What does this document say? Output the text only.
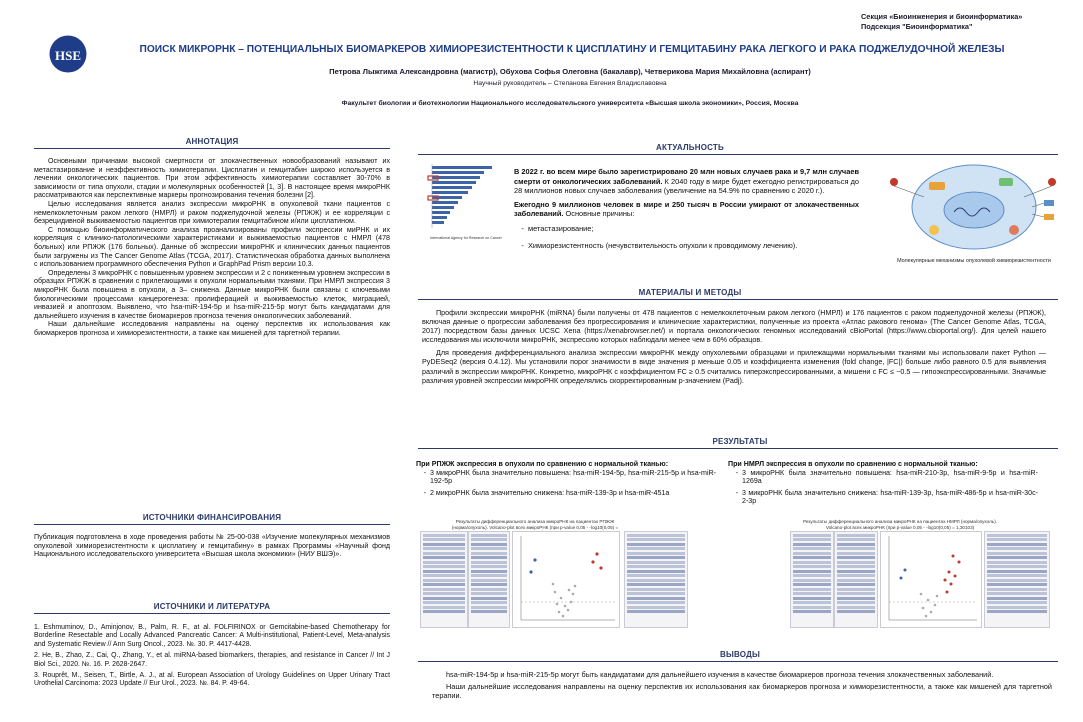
Секция «Биоинженерия и биоинформатика»
Подсекция "Биоинформатика"
HSE	ПОИСК МИКРОРНК – ПОТЕНЦИАЛЬНЫХ БИОМАРКЕРОВ ХИМИОРЕЗИСТЕНТНОСТИ К ЦИСПЛАТИНУ И ГЕМЦИТАБИНУ РАКА ЛЕГКОГО И РАКА ПОДЖЕЛУДОЧНОЙ ЖЕЛЕЗЫ
Петрова Лыжгима Александровна (магистр), Обухова Софья Олеговна (бакалавр), Четверикова Мария Михайловна (аспирант)
Научный руководитель – Степанова Евгения Владиславовна
Факультет биологии и биотехнологии Национального исследовательского университета «Высшая школа экономики», Россия, Москва
АННОТАЦИЯ

Основными причинами высокой смертности от злокачественных новообразований называют их метастазирование и неэффективность химиотерапии. Цисплатин и гемцитабин широко используется в лечении онкологических пациентов. При этом эффективность химиотерапии составляет 30-70% в зависимости от типа опухоли, стадии и молекулярных особенностей [1, 3]. В настоящее время микроРНК рассматриваются как перспективные маркеры прогнозирования течения болезни [2].

Целью исследования является анализ экспрессии микроРНК в опухолевой ткани пациентов с немелкоклеточным раком легкого (НМРЛ) и раком поджелудочной железы (РПЖЖ) и ее корреляции с безрецидивной выживаемостью пациентов при химиотерапии гемцитабином и/или цисплатином.

С помощью биоинформатического анализа проанализированы профили экспрессии миРНК и их корреляция с клинико-патологическими характеристиками и выживаемостью пациентов с НМРЛ (478 больных) или РПЖЖ (176 больных). Данные об экспрессии микроРНК и клинических данных пациентов были загружены из The Cancer Genome Atlas (TCGA, 2017). Статистическая обработка данных выполнена с использованием программного обеспечения Python и GraphPad Prism версии 10.3.

Определены 3 микроРНК с повышенным уровнем экспрессии и 2 с пониженным уровнем экспрессии в образцах РПЖЖ в сравнении с прилегающими к опухоли нормальными тканями. При НМРЛ экспрессия 3 микроРНК была повышена в опухоли, а 3– снижена. Данные микроРНК были связаны с ключевыми биологическими процессами канцерогенеза: пролиферацией и выживаемостью клеток, миграцией, инвазией и апоптозом. Выявлено, что hsa-miR-194-5p и hsa-miR-215-5p могут быть кандидатами для дальнейшего изучения в качестве биомаркеров прогноза течения онкологических заболеваний.

Наши дальнейшие исследования направлены на оценку перспектив их использования как биомаркеров прогноза и химиорезистентности, а также как мишеней для таргетной терапии.

ИСТОЧНИКИ ФИНАНСИРОВАНИЯ

Публикация подготовлена в ходе проведения работы № 25-00-038 «Изучение молекулярных механизмов опухолевой химиорезистентности к цисплатину и гемцитабину» в рамках Программы «Научный фонд Национального исследовательского университета «Высшая школа экономики» (НИУ ВШЭ)».

ИСТОЧНИКИ И ЛИТЕРАТУРА

1. Eshmuminov, D., Aminjonov, B., Palm, R. F., at al. FOLFIRINOX or Gemcitabine-based Chemotherapy for Borderline Resectable and Locally Advanced Pancreatic Cancer: A Multi-institutional, Patient-Level, Meta-analysis and Systematic Review // Ann Surg Oncol., 2023. №. 30. P. 4417-4428.

2. He, B., Zhao, Z., Cai, Q., Zhang, Y., et al. miRNA-based biomarkers, therapies, and resistance in Cancer // Int J Biol Sci., 2020. №. 16. P. 2628-2647.

3. Rouprêt, M., Seisen, T., Birtle, A. J., at al. European Association of Urology Guidelines on Upper Urinary Tract Urothelial Carcinoma: 2023 Update // Eur Urol., 2023. №. 84. P. 49-64.

АКТУАЛЬНОСТЬ
International Agency for Research on Cancer

В 2022 г. во всем мире было зарегистрировано 20 млн новых случаев рака и 9,7 млн случаев смерти от онкологических заболеваний. К 2040 году в мире будет ежегодно регистрироваться до 28 миллионов новых случаев заболевания (увеличение на 54.9% по сравнению с 2020 г.).

Ежегодно 9 миллионов человек в мире и 250 тысяч в России умирают от злокачественных заболеваний. Основные причины:

- метастазирование;
- Химиорезистентность (нечувствительность опухоли к проводимому лечению).
Молекулярные механизмы опухолевой химиорезистентности
МАТЕРИАЛЫ И МЕТОДЫ

Профили экспрессии микроРНК (miRNA) были получены от 478 пациентов с немелкоклеточным раком легкого (НМРЛ) и 176 пациентов с раком поджелудочной железы (РПЖЖ), включая данные о прогрессии заболевания без прогрессирования и клинические характеристики, полученные из проекта «Атлас ракового генома» (The Cancer Genome Atlas, TCGA, 2017) посредством базы данных UCSC Xena (https://xenabrowser.net/) и портала онкологических геномных исследований cBioPortal (https://www.cbioportal.org/). Для целей нашего исследования мы исключили микроРНК, экспрессию которых наблюдали менее чем в 60% образцов.

Для проведения дифференциального анализа экспрессии микроРНК между опухолевыми образцами и прилежащими нормальными тканями мы использовали пакет Python — PyDESeq2 (версия 0.4.12). Мы установили порог значимости в виде значения p меньше 0.05 и коэффициента изменения (fold change, |FC|) больше либо равного 0.5 для выявления различий в экспрессии микроРНК. Конкретно, микроРНК с коэффициентом FC ≥ 0.5 считались гиперэкспрессированными, а мишени с FC ≤ −0.5 — гипоэкспрессированными. Значимые различия уровней экспрессии микроРНК определялись скорректированным p-значением (Padj).

РЕЗУЛЬТАТЫ

При РПЖЖ экспрессия в опухоли по сравнению с нормальной тканью:

- 3 микроРНК была значительно повышена: hsa-miR-194-5p, hsa-miR-215-5p и hsa-miR-192-5p
- 2 микроРНК была значительно снижена: hsa-miR-139-3p и hsa-miR-451a

При НМРЛ экспрессия в опухоли по сравнению с нормальной тканью:

- 3 микроРНК была значительно повышена: hsa-miR-210-3p, hsa-miR-9-5p и hsa-miR-1269a
- 3 микроРНК была значительно снижена: hsa-miR-139-3p, hsa-miR-486-5p и hsa-miR-30c-2-3p
Результаты дифференциального анализа микроРНК на пациентах РПЖЖ (норма/опухоль). Volcano-plot всех микроРНК (при p-value 0,05 - -log10(0,05) = 1,30103)
Результаты дифференциального анализа микроРНК на пациентах НМРЛ (норма/опухоль). Volcano-plot всех микроРНК (при p-value 0,05 - -log10(0,05) = 1,30103)
ВЫВОДЫ

hsa-miR-194-5p и hsa-miR-215-5p могут быть кандидатами для дальнейшего изучения в качестве биомаркеров прогноза течения злокачественных заболеваний.

Наши дальнейшие исследования направлены на оценку перспектив их использования как биомаркеров прогноза и химиорезистентности, а также как мишеней для таргетной терапии.
